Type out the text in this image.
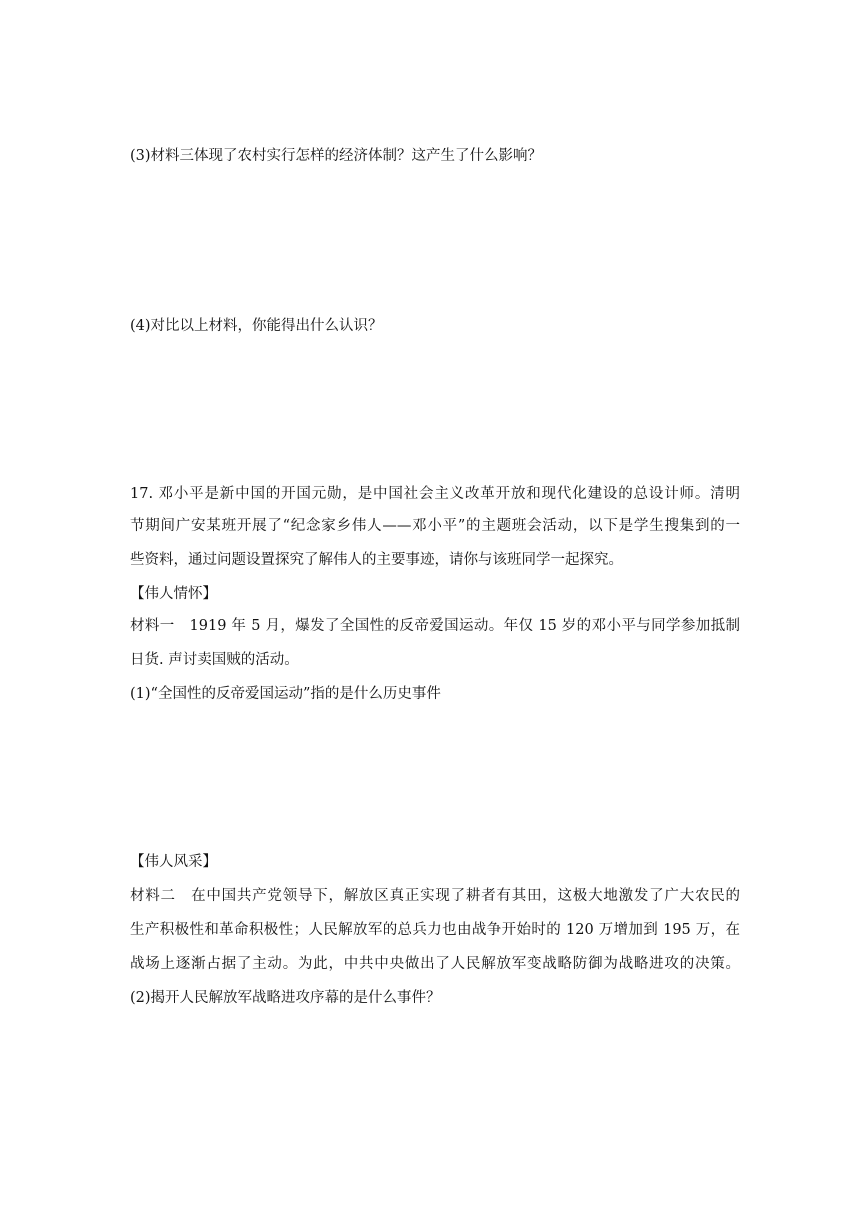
(3)材料三体现了农村实行怎样的经济体制？这产生了什么影响？
(4)对比以上材料，你能得出什么认识？
17. 邓小平是新中国的开国元勋，是中国社会主义改革开放和现代化建设的总设计师。清明
节期间广安某班开展了“纪念家乡伟人——邓小平”的主题班会活动，以下是学生搜集到的一
些资料，通过问题设置探究了解伟人的主要事迹，请你与该班同学一起探究。
【伟人情怀】
材料一　1919 年 5 月，爆发了全国性的反帝爱国运动。年仅 15 岁的邓小平与同学参加抵制
日货. 声讨卖国贼的活动。
(1)“全国性的反帝爱国运动”指的是什么历史事件
【伟人风采】
材料二　在中国共产党领导下，解放区真正实现了耕者有其田，这极大地激发了广大农民的
生产积极性和革命积极性；人民解放军的总兵力也由战争开始时的 120 万增加到 195 万，在
战场上逐渐占据了主动。为此，中共中央做出了人民解放军变战略防御为战略进攻的决策。
(2)揭开人民解放军战略进攻序幕的是什么事件？
